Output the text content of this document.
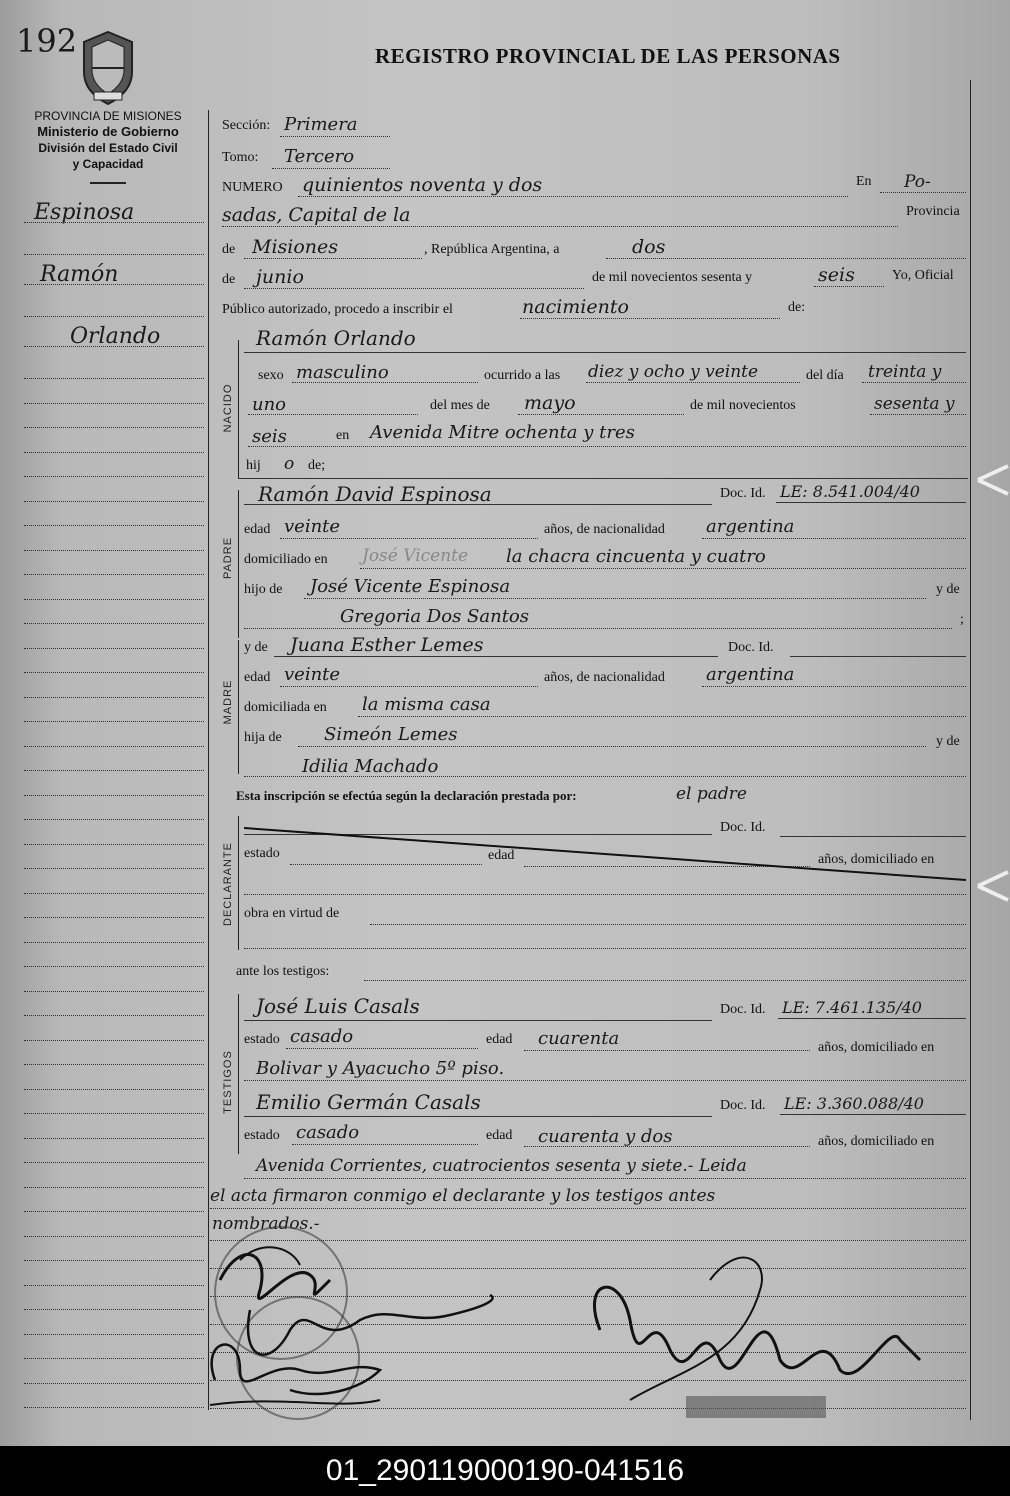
192	REGISTRO PROVINCIAL DE LAS PERSONAS
PROVINCIA DE MISIONES
Ministerio de Gobierno
División del Estado Civil
y Capacidad
Espinosa
Ramón
Orlando
Sección: Primera
Tomo: Tercero
NUMERO quinientos noventa y dos	En Po-
sadas, Capital de la	Provincia
de Misiones	, República Argentina, a	dos
de junio	de mil novecientos sesenta y	seis	Yo, Oficial
Público autorizado, procedo a inscribir el	nacimiento	de:
NACIDO
Ramón Orlando
sexo masculino	ocurrido a las diez y ocho y veinte	del día treinta y
uno	del mes de mayo	de mil novecientos	sesenta y
seis	en Avenida Mitre ochenta y tres
hij o de;
PADRE
Ramón David Espinosa	Doc. Id. LE: 8.541.004/40
edad veinte	años, de nacionalidad argentina
domiciliado en José Vicente la chacra cincuenta y cuatro
hijo de José Vicente Espinosa	y de
Gregoria Dos Santos	;
MADRE
y de Juana Esther Lemes	Doc. Id.
edad veinte	años, de nacionalidad argentina
domiciliada en la misma casa
hija de Simeón Lemes	y de
Idilia Machado
Esta inscripción se efectúa según la declaración prestada por:	el padre
DECLARANTE
Doc. Id.
estado	edad	años, domiciliado en
obra en virtud de
ante los testigos:
TESTIGOS
José Luis Casals	Doc. Id. LE: 7.461.135/40
estado casado	edad cuarenta	años, domiciliado en
Bolivar y Ayacucho 5º piso.
Emilio Germán Casals	Doc. Id. LE: 3.360.088/40
estado casado	edad cuarenta y dos	años, domiciliado en
Avenida Corrientes, cuatrocientos sesenta y siete.- Leida
el acta firmaron conmigo el declarante y los testigos antes
nombrados.-
01_290119000190-041516
